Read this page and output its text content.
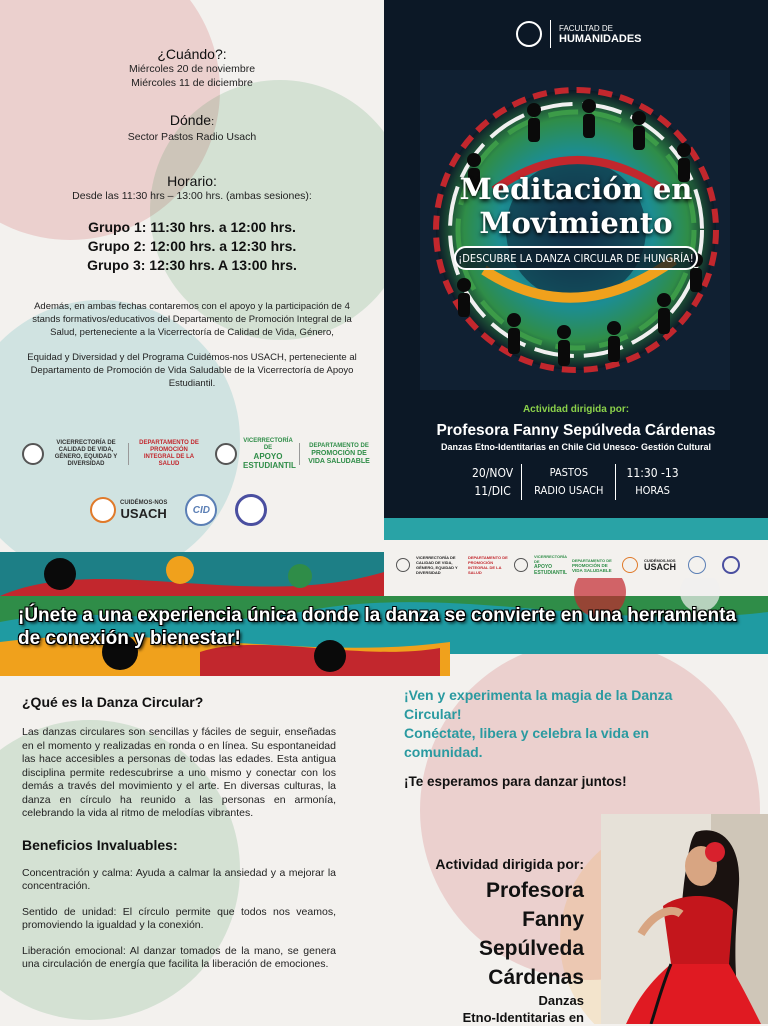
¿Cuándo?:

Miércoles 20 de noviembre

Miércoles 11 de diciembre

Dónde:

Sector Pastos Radio Usach

Horario:

Desde las 11:30 hrs – 13:00 hrs. (ambas sesiones):

Grupo 1: 11:30 hrs. a 12:00 hrs.

Grupo 2: 12:00 hrs. a 12:30 hrs.

Grupo 3: 12:30 hrs. A 13:00 hrs.

Además, en ambas fechas contaremos con el apoyo y la participación de 4 stands formativos/educativos del Departamento de Promoción Integral de la Salud, perteneciente a la Vicerrectoría de Calidad de Vida, Género,

Equidad y Diversidad y del Programa Cuidémos-nos USACH, perteneciente al Departamento de Promoción de Vida Saludable de la Vicerrectoría de Apoyo Estudiantil.

VICERRECTORÍA DE CALIDAD DE VIDA, GÉNERO, EQUIDAD Y DIVERSIDAD
DEPARTAMENTO DE PROMOCIÓN INTEGRAL DE LA SALUD
VICERRECTORÍA DE
APOYO ESTUDIANTIL
DEPARTAMENTO DE
PROMOCIÓN DE VIDA SALUDABLE
CUIDÉMOS-NOS
USACH	CID
FACULTAD DE
HUMANIDADES
Meditación en
Movimiento
¡DESCUBRE LA DANZA CIRCULAR DE HUNGRÍA!
Actividad dirigida por:
Profesora Fanny Sepúlveda Cárdenas
Danzas Etno-Identitarias en Chile Cid Unesco- Gestión Cultural
20/NOV
11/DIC
PASTOS
RADIO USACH
11:30 -13
HORAS
VICERRECTORÍA DE CALIDAD DE VIDA, GÉNERO, EQUIDAD Y DIVERSIDAD
DEPARTAMENTO DE PROMOCIÓN INTEGRAL DE LA SALUD
VICERRECTORÍA DE
APOYO ESTUDIANTIL
DEPARTAMENTO DE
PROMOCIÓN DE VIDA SALUDABLE
CUIDÉMOS-NOS
USACH
¡Únete a una experiencia única donde la danza se convierte en una herramienta de conexión y bienestar!

¿Qué es la Danza Circular?

Las danzas circulares son sencillas y fáciles de seguir, enseñadas en el momento y realizadas en ronda o en línea. Su espontaneidad las hace accesibles a personas de todas las edades. Esta antigua disciplina permite redescubrirse a uno mismo y conectar con los demás a través del movimiento y el arte. En diversas culturas, la danza en círculo ha reunido a las personas en armonía, celebrando la vida al ritmo de melodías vibrantes.

Beneficios Invaluables:

Concentración y calma: Ayuda a calmar la ansiedad y a mejorar la concentración.

Sentido de unidad: El círculo permite que todos nos veamos, promoviendo la igualdad y la conexión.

Liberación emocional: Al danzar tomados de la mano, se genera una circulación de energía que facilita la liberación de emociones.

¡Ven y experimenta la magia de la Danza Circular!
Conéctate, libera y celebra la vida en comunidad.
¡Te esperamos para danzar juntos!
Actividad dirigida por:
Profesora
Fanny
Sepúlveda
Cárdenas
Danzas
Etno-Identitarias en
